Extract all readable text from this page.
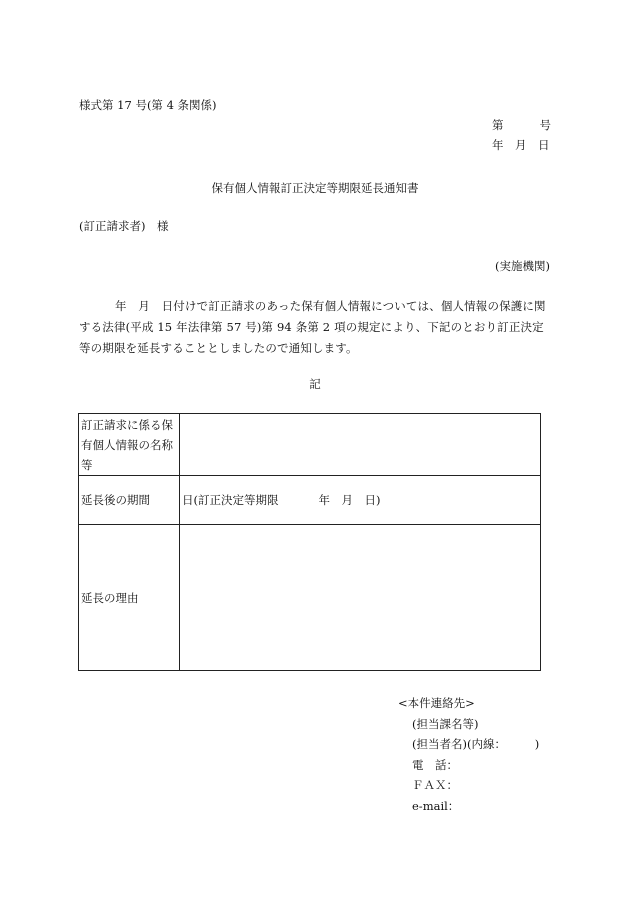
様式第 17 号(第 4 条関係)
第	号
年　月　日
保有個人情報訂正決定等期限延長通知書
(訂正請求者)　様
(実施機関)
年　月　日付けで訂正請求のあった保有個人情報については、個人情報の保護に関する法律(平成 15 年法律第 57 号)第 94 条第 2 項の規定により、下記のとおり訂正決定等の期限を延長することとしましたので通知します。
記
訂正請求に係る保有個人情報の名称等	
延長後の期間	日(訂正決定等期限 年　月　日)
延長の理由	
<本件連絡先>
(担当課名等)
(担当者名)(内線：　　　)
電　話：
ＦＡＸ：
e-mail：
